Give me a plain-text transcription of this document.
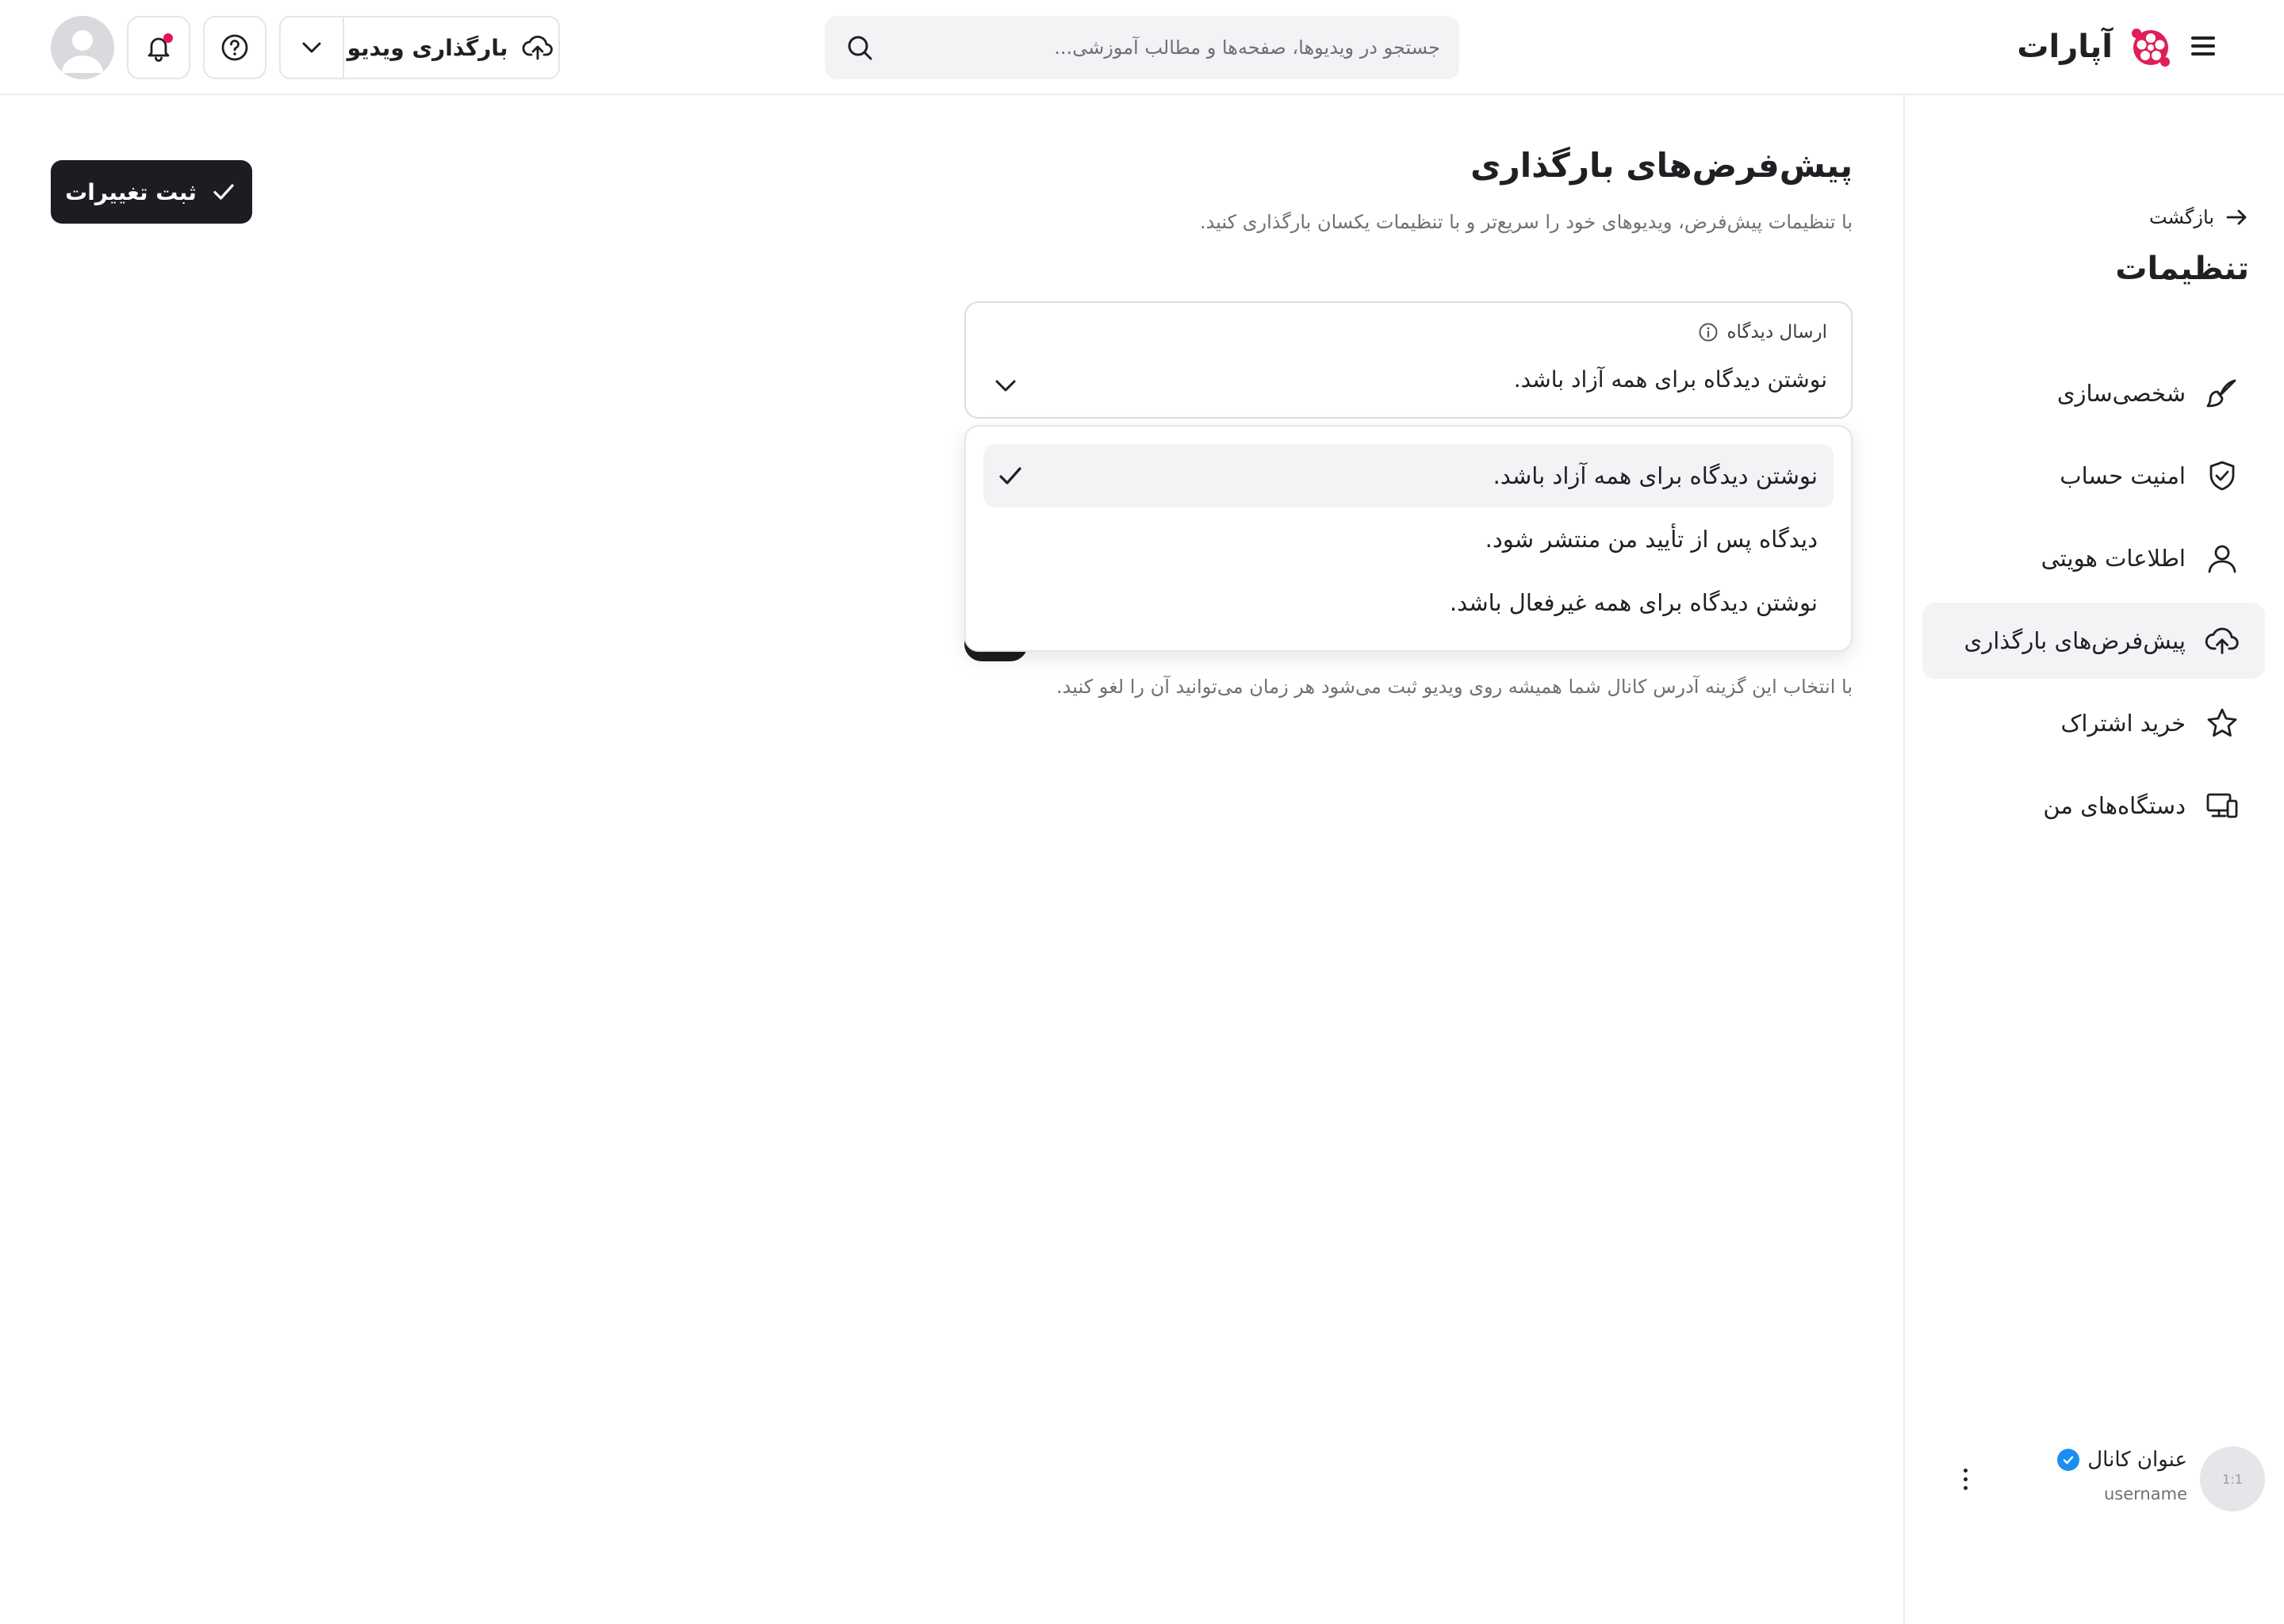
آپارات
جستجو در ویدیوها، صفحه‌ها و مطالب آموزشی...
بارگذاری ویدیو
بازگشت
تنظیمات
شخصی‌سازی
امنیت حساب
اطلاعات هویتی
پیش‌فرض‌های بارگذاری
خرید اشتراک
دستگاه‌های من
1:1
عنوان کانال
username
پیش‌فرض‌های بارگذاری
با تنظیمات پیش‌فرض، ویدیوهای خود را سریع‌تر و با تنظیمات یکسان بارگذاری کنید.
ثبت تغییرات
با انتخاب این گزینه آدرس کانال شما همیشه روی ویدیو ثبت می‌شود هر زمان می‌توانید آن را لغو کنید.
ارسال دیدگاه
نوشتن دیدگاه برای همه آزاد باشد.
نوشتن دیدگاه برای همه آزاد باشد.
دیدگاه پس از تأیید من منتشر شود.
نوشتن دیدگاه برای همه غیرفعال باشد.
